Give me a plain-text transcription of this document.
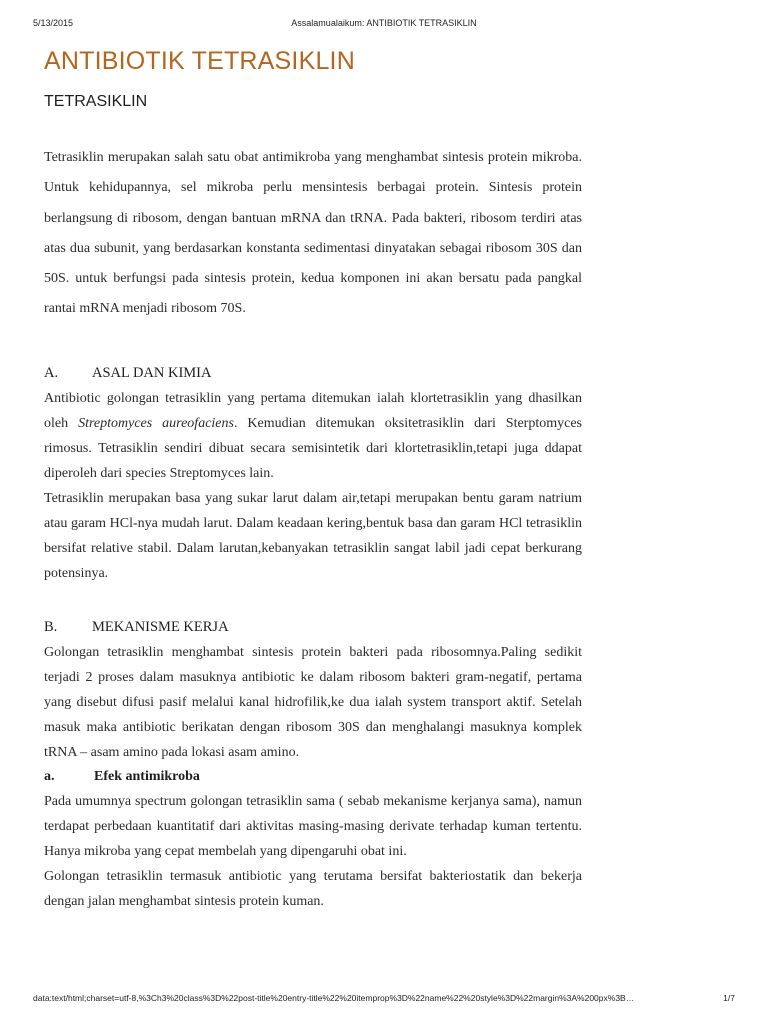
5/13/2015	Assalamualaikum: ANTIBIOTIK TETRASIKLIN
ANTIBIOTIK TETRASIKLIN
TETRASIKLIN

Tetrasiklin merupakan salah satu obat antimikroba yang menghambat sintesis protein mikroba. Untuk kehidupannya, sel mikroba perlu mensintesis berbagai protein. Sintesis protein berlangsung di ribosom, dengan bantuan mRNA dan tRNA. Pada bakteri, ribosom terdiri atas atas dua subunit, yang berdasarkan konstanta sedimentasi dinyatakan sebagai ribosom 30S dan 50S. untuk berfungsi pada sintesis protein, kedua komponen ini akan bersatu pada pangkal rantai mRNA menjadi ribosom 70S.

A. ASAL DAN KIMIA

Antibiotic golongan tetrasiklin yang pertama ditemukan ialah klortetrasiklin yang dhasilkan oleh Streptomyces aureofaciens. Kemudian ditemukan oksitetrasiklin dari Sterptomyces rimosus. Tetrasiklin sendiri dibuat secara semisintetik dari klortetrasiklin,tetapi juga ddapat diperoleh dari species Streptomyces lain.

Tetrasiklin merupakan basa yang sukar larut dalam air,tetapi merupakan bentu garam natrium atau garam HCl-nya mudah larut. Dalam keadaan kering,bentuk basa dan garam HCl tetrasiklin bersifat relative stabil. Dalam larutan,kebanyakan tetrasiklin sangat labil jadi cepat berkurang potensinya.

B. MEKANISME KERJA

Golongan tetrasiklin menghambat sintesis protein bakteri pada ribosomnya.Paling sedikit terjadi 2 proses dalam masuknya antibiotic ke dalam ribosom bakteri gram-negatif, pertama yang disebut difusi pasif melalui kanal hidrofilik,ke dua ialah system transport aktif. Setelah masuk maka antibiotic berikatan dengan ribosom 30S dan menghalangi masuknya komplek tRNA – asam amino pada lokasi asam amino.

a.	Efek antimikroba

Pada umumnya spectrum golongan tetrasiklin sama ( sebab mekanisme kerjanya sama), namun terdapat perbedaan kuantitatif dari aktivitas masing-masing derivate terhadap kuman tertentu. Hanya mikroba yang cepat membelah yang dipengaruhi obat ini.

Golongan tetrasiklin termasuk antibiotic yang terutama bersifat bakteriostatik dan bekerja dengan jalan menghambat sintesis protein kuman.

data:text/html;charset=utf-8,%3Ch3%20class%3D%22post-title%20entry-title%22%20itemprop%3D%22name%22%20style%3D%22margin%3A%200px%3B…	1/7
